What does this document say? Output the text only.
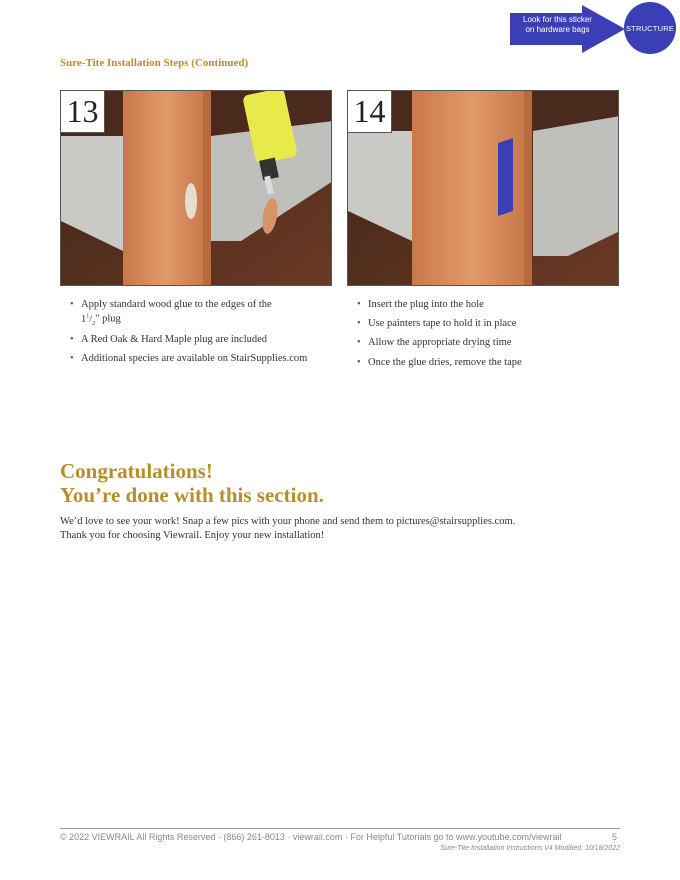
Look for this sticker
on hardware bags	STRUCTURE
Sure-Tite Installation Steps (Continued)
13	14
• Apply standard wood glue to the edges of the
$1^1/_2$" plug
• A Red Oak & Hard Maple plug are included
• Additional species are available on StairSupplies.com
• Insert the plug into the hole
• Use painters tape to hold it in place
• Allow the appropriate drying time
• Once the glue dries, remove the tape
Congratulations!
You’re done with this section.
We’d love to see your work! Snap a few pics with your phone and send them to pictures@stairsupplies.com.
Thank you for choosing Viewrail. Enjoy your new installation!
© 2022 VIEWRAIL All Rights Reserved · (866) 261-8013 · viewrail.com · For Helpful Tutorials go to www.youtube.com/viewrail	5
Sure-Tite Installation Instructions V4 Modified: 10/18/2022
